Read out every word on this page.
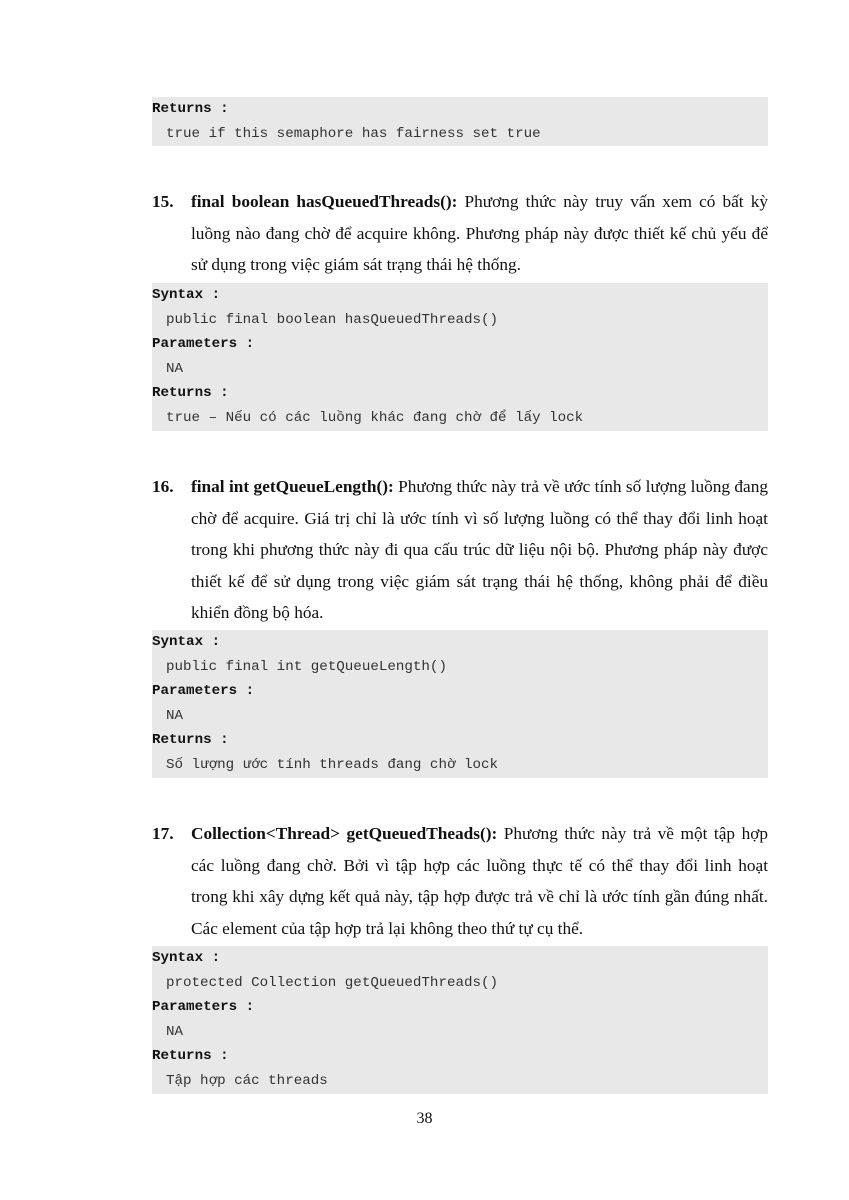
Returns :
true if this semaphore has fairness set true
15. final boolean hasQueuedThreads(): Phương thức này truy vấn xem có bất kỳ luồng nào đang chờ để acquire không. Phương pháp này được thiết kế chủ yếu để sử dụng trong việc giám sát trạng thái hệ thống.
Syntax :
public final boolean hasQueuedThreads()
Parameters :
NA
Returns :
true – Nếu có các luồng khác đang chờ để lấy lock
16. final int getQueueLength(): Phương thức này trả về ước tính số lượng luồng đang chờ để acquire. Giá trị chỉ là ước tính vì số lượng luồng có thể thay đổi linh hoạt trong khi phương thức này đi qua cấu trúc dữ liệu nội bộ. Phương pháp này được thiết kế để sử dụng trong việc giám sát trạng thái hệ thống, không phải để điều khiển đồng bộ hóa.
Syntax :
public final int getQueueLength()
Parameters :
NA
Returns :
Số lượng ước tính threads đang chờ lock
17. Collection<Thread> getQueuedTheads(): Phương thức này trả về một tập hợp các luồng đang chờ. Bởi vì tập hợp các luồng thực tế có thể thay đổi linh hoạt trong khi xây dựng kết quả này, tập hợp được trả về chỉ là ước tính gần đúng nhất. Các element của tập hợp trả lại không theo thứ tự cụ thể.
Syntax :
protected Collection getQueuedThreads()
Parameters :
NA
Returns :
Tập hợp các threads
38
